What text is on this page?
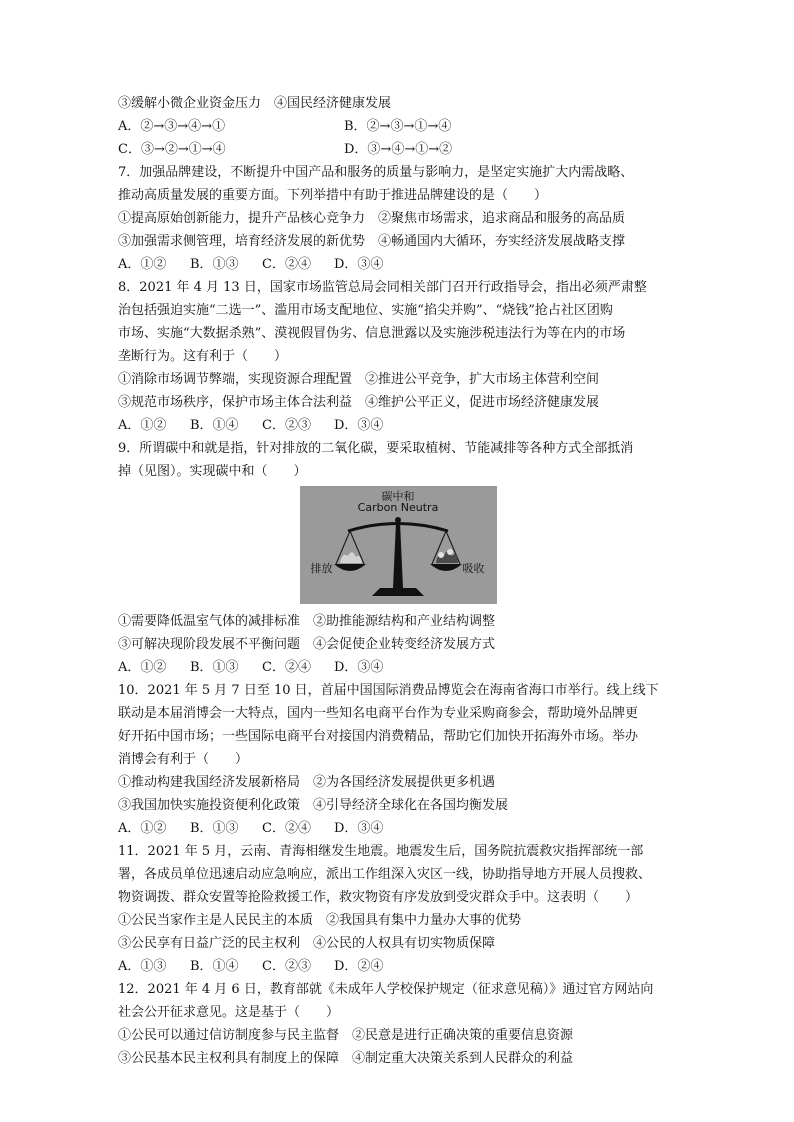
③缓解小微企业资金压力　④国民经济健康发展
A．②→③→④→①	B．②→③→①→④
C．③→②→①→④	D．③→④→①→②
7．加强品牌建设，不断提升中国产品和服务的质量与影响力，是坚定实施扩大内需战略、
推动高质量发展的重要方面。下列举措中有助于推进品牌建设的是（　　）
①提高原始创新能力，提升产品核心竞争力　②聚焦市场需求，追求商品和服务的高品质
③加强需求侧管理，培育经济发展的新优势　④畅通国内大循环，夯实经济发展战略支撑
A．①②	B．①③	C．②④	D．③④
8．2021 年 4 月 13 日，国家市场监管总局会同相关部门召开行政指导会，指出必须严肃整
治包括强迫实施“二选一”、滥用市场支配地位、实施“掐尖并购”、“烧钱”抢占社区团购
市场、实施“大数据杀熟”、漠视假冒伪劣、信息泄露以及实施涉税违法行为等在内的市场
垄断行为。这有利于（　　）
①消除市场调节弊端，实现资源合理配置　②推进公平竞争，扩大市场主体营利空间
③规范市场秩序，保护市场主体合法利益　④维护公平正义，促进市场经济健康发展
A．①②	B．①④	C．②③	D．③④
9．所谓碳中和就是指，针对排放的二氧化碳，要采取植树、节能减排等各种方式全部抵消
掉（见图）。实现碳中和（　　）
碳中和
Carbon Neutra
排放	吸收
①需要降低温室气体的减排标准　②助推能源结构和产业结构调整
③可解决现阶段发展不平衡问题　④会促使企业转变经济发展方式
A．①②	B．①③	C．②④	D．③④
10．2021 年 5 月 7 日至 10 日，首届中国国际消费品博览会在海南省海口市举行。线上线下
联动是本届消博会一大特点，国内一些知名电商平台作为专业采购商参会，帮助境外品牌更
好开拓中国市场；一些国际电商平台对接国内消费精品，帮助它们加快开拓海外市场。举办
消博会有利于（　　）
①推动构建我国经济发展新格局　②为各国经济发展提供更多机遇
③我国加快实施投资便利化政策　④引导经济全球化在各国均衡发展
A．①②	B．①③	C．②④	D．③④
11．2021 年 5 月，云南、青海相继发生地震。地震发生后，国务院抗震救灾指挥部统一部
署，各成员单位迅速启动应急响应，派出工作组深入灾区一线，协助指导地方开展人员搜救、
物资调拨、群众安置等抢险救援工作，救灾物资有序发放到受灾群众手中。这表明（　　）
①公民当家作主是人民民主的本质　②我国具有集中力量办大事的优势
③公民享有日益广泛的民主权利　④公民的人权具有切实物质保障
A．①③	B．①④	C．②③	D．②④
12．2021 年 4 月 6 日，教育部就《未成年人学校保护规定（征求意见稿）》通过官方网站向
社会公开征求意见。这是基于（　　）
①公民可以通过信访制度参与民主监督　②民意是进行正确决策的重要信息资源
③公民基本民主权利具有制度上的保障　④制定重大决策关系到人民群众的利益
